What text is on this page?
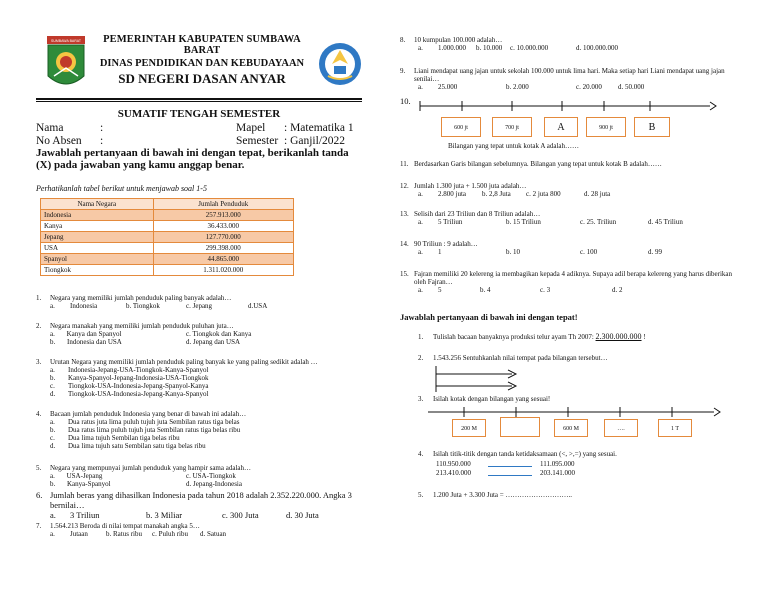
SUMBAWA BARAT	PEMERINTAH KABUPATEN SUMBAWA BARAT
DINAS PENDIDIKAN DAN KEBUDAYAAN
SD NEGERI DASAN ANYAR
SUMATIF TENGAH SEMESTER
Nama	:	Mapel : Matematika 1
No Absen :	Semester : Ganjil/2022
Jawablah pertanyaan di bawah ini dengan tepat, berikanlah tanda (X) pada jawaban yang kamu anggap benar.
Perhatikanlah tabel berikut untuk menjawab soal 1-5
Nama Negara	Jumlah Penduduk
Indonesia	257.913.000
Kanya	36.433.000
Jepang	127.770.000
USA	299.398.000
Spanyol	44.865.000
Tiongkok	1.311.020.000
1. Negara yang memiliki jumlah penduduk paling banyak adalah…
a. Indonesia	b. Tiongkok	c. Jepang	d.USA
2. Negara manakah yang memiliki jumlah penduduk puluhan juta…
a. Kanya dan Spanyol
b. Indonesia dan USA
c. Tiongkok dan Kanya
d. Jepang dan USA
3. Urutan Negara yang memiliki jumlah penduduk paling banyak ke yang paling sedikit adalah …
a. Indonesia-Jepang-USA-Tiongkok-Kanya-Spanyol
b. Kanya-Spanyol-Jepang-Indonesia-USA-Tiongkok
c. Tiongkok-USA-Indonesia-Jepang-Spanyol-Kanya
d. Tiongkok-USA-Indonesia-Jepang-Kanya-Spanyol
4. Bacaan jumlah penduduk Indonesia yang benar di bawah ini adalah…
a. Dua ratus juta lima puluh tujuh juta Sembilan ratus tiga belas
b. Dua ratus lima puluh tujuh juta Sembilan ratus tiga belas ribu
c. Dua lima tujuh Sembilan tiga belas ribu
d. Dua lima tujuh satu Sembilan satu tiga belas ribu
5. Negara yang mempunyai jumlah penduduk yang hampir sama adalah…
a. USA-Jepang
b. Kanya-Spanyol
c. USA-Tiongkok
d. Jepang-Indonesia
6. Jumlah beras yang dihasilkan Indonesia pada tahun 2018 adalah 2.352.220.000. Angka 3 bernilai…
a. 3 Triliun	b. 3 Miliar	c. 300 Juta	d. 30 Juta
7. 1.564.213 Beroda di nilai tempat manakah angka 5…
a. Jutaan	b. Ratus ribu c. Puluh ribu d. Satuan
8. 10 kumpulan 100.000 adalah…
a. 1.000.000 b. 10.000 c. 10.000.000	d. 100.000.000
9. Liani mendapat uang jajan untuk sekolah 100.000 untuk lima hari. Maka setiap hari Liani mendapat uang jajan senilai…
a. 25.000	b. 2.000	c. 20.000 d. 50.000
10.
600 jt	700 jt	A	900 jt	B
Bilangan yang tepat untuk kotak A adalah……
11. Berdasarkan Garis bilangan sebelumnya. Bilangan yang tepat untuk kotak B adalah……
12. Jumlah 1.300 juta + 1.500 juta adalah…
a. 2.800 juta b. 2,8 Juta c. 2 juta 800	d. 28 juta
13. Selisih dari 23 Triliun dan 8 Triliun adalah…
a. 5 Triliun	b. 15 Triliun	c. 25. Triliun	d. 45 Triliun
14. 90 Triliun : 9 adalah…
a. 1	b. 10	c. 100	d. 99
15. Fajran memiliki 20 kelereng ia membagikan kepada 4 adiknya. Supaya adil berapa kelereng yang harus diberikan oleh Fajran…
a. 5	b. 4	c. 3	d. 2
Jawablah pertanyaan di bawah ini dengan tepat!
1. Tulislah bacaan banyaknya produksi telur ayam Th 2007: 2.300.000.000 !
2. 1.543.256 Sentuhkanlah nilai tempat pada bilangan tersebut…
3. Isilah kotak dengan bilangan yang sesuai!
200 M	600 M	….	1 T
4. Isilah titik-titik dengan tanda ketidaksamaan (<, >,=) yang sesuai.
110.950.000	111.095.000
213.410.000	203.141.000
5. 1.200 Juta + 3.300 Juta = ………………………..
